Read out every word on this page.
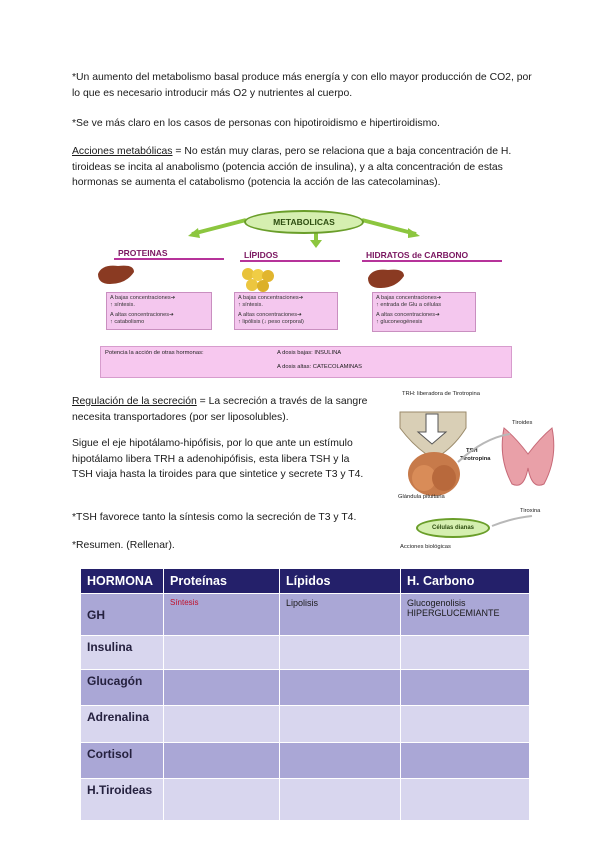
*Un aumento del metabolismo basal produce más energía y con ello mayor producción de CO2, por lo que es necesario introducir más O2 y nutrientes al cuerpo.
*Se ve más claro en los casos de personas con hipotiroidismo e hipertiroidismo.
Acciones metabólicas = No están muy claras, pero se relaciona que a baja concentración de H. tiroideas se incita al anabolismo (potencia acción de insulina), y a alta concentración de estas hormonas se aumenta el catabolismo (potencia la acción de las catecolaminas).
METABOLICAS
PROTEINAS	LÍPIDOS	HIDRATOS de CARBONO
A bajas concentraciones➔
↑ síntesis.
A altas concentraciones➔
↑ catabolismo
A bajas concentraciones➔
↑ síntesis.
A altas concentraciones➔
↑ lipólisis (↓ peso corporal)
A bajas concentraciones➔
↑ entrada de Glu a células
A altas concentraciones➔
↑ gluconeogénesis
Potencia la acción de otras hormonas:	A dosis bajas: INSULINA
A dosis altas: CATECOLAMINAS
Regulación de la secreción = La secreción a través de la sangre necesita transportadores (por ser liposolubles).
Sigue el eje hipotálamo-hipófisis, por lo que ante un estímulo hipotálamo libera TRH a adenohipófisis, esta libera TSH y la TSH viaja hasta la tiroides para que sintetice y secrete T3 y T4.
*TSH favorece tanto la síntesis como la secreción de T3 y T4.
*Resumen. (Rellenar).
TRH: liberadora de Tirotropina
Glándula pituitaria
Tiroides
TSH
Tirotropina
Tiroxina
Células dianas
Acciones biológicas
HORMONA	Proteínas	Lípidos	H. Carbono
GH	Síntesis	Lipolisis	Glucogenolisis HIPERGLUCEMIANTE
Insulina			
Glucagón			
Adrenalina			
Cortisol			
H.Tiroideas			
